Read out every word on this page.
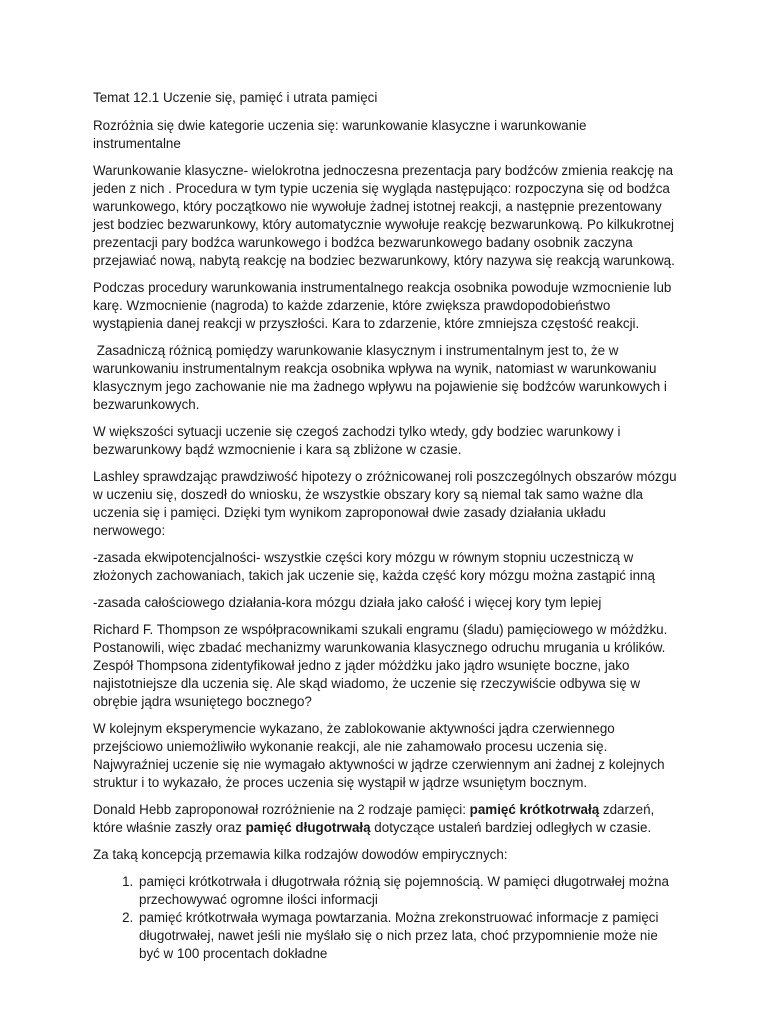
Temat 12.1 Uczenie się, pamięć i utrata pamięci

Rozróżnia się dwie kategorie uczenia się: warunkowanie klasyczne i warunkowanie instrumentalne

Warunkowanie klasyczne- wielokrotna jednoczesna prezentacja pary bodźców zmienia reakcję na jeden z nich . Procedura w tym typie uczenia się wygląda następująco: rozpoczyna się od bodźca warunkowego, który początkowo nie wywołuje żadnej istotnej reakcji, a następnie prezentowany jest bodziec bezwarunkowy, który automatycznie wywołuje reakcję bezwarunkową. Po kilkukrotnej prezentacji pary bodźca warunkowego i bodźca bezwarunkowego badany osobnik zaczyna przejawiać nową, nabytą reakcję na bodziec bezwarunkowy, który nazywa się reakcją warunkową.

Podczas procedury warunkowania instrumentalnego reakcja osobnika powoduje wzmocnienie lub karę. Wzmocnienie (nagroda) to każde zdarzenie, które zwiększa prawdopodobieństwo wystąpienia danej reakcji w przyszłości. Kara to zdarzenie, które zmniejsza częstość reakcji.

Zasadniczą różnicą pomiędzy warunkowanie klasycznym i instrumentalnym jest to, że w warunkowaniu instrumentalnym reakcja osobnika wpływa na wynik, natomiast w warunkowaniu klasycznym jego zachowanie nie ma żadnego wpływu na pojawienie się bodźców warunkowych i bezwarunkowych.

W większości sytuacji uczenie się czegoś zachodzi tylko wtedy, gdy bodziec warunkowy i bezwarunkowy bądź wzmocnienie i kara są zbliżone w czasie.

Lashley sprawdzając prawdziwość hipotezy o zróżnicowanej roli poszczególnych obszarów mózgu w uczeniu się, doszedł do wniosku, że wszystkie obszary kory są niemal tak samo ważne dla uczenia się i pamięci. Dzięki tym wynikom zaproponował dwie zasady działania układu nerwowego:

-zasada ekwipotencjalności- wszystkie części kory mózgu w równym stopniu uczestniczą w złożonych zachowaniach, takich jak uczenie się, każda część kory mózgu można zastąpić inną

-zasada całościowego działania-kora mózgu działa jako całość i więcej kory tym lepiej

Richard F. Thompson ze współpracownikami szukali engramu (śladu) pamięciowego w móżdżku. Postanowili, więc zbadać mechanizmy warunkowania klasycznego odruchu mrugania u królików. Zespół Thompsona zidentyfikował jedno z jąder móżdżku jako jądro wsunięte boczne, jako najistotniejsze dla uczenia się. Ale skąd wiadomo, że uczenie się rzeczywiście odbywa się w obrębie jądra wsuniętego bocznego?

W kolejnym eksperymencie wykazano, że zablokowanie aktywności jądra czerwiennego przejściowo uniemożliwiło wykonanie reakcji, ale nie zahamowało procesu uczenia się. Najwyraźniej uczenie się nie wymagało aktywności w jądrze czerwiennym ani żadnej z kolejnych struktur i to wykazało, że proces uczenia się wystąpił w jądrze wsuniętym bocznym.

Donald Hebb zaproponował rozróżnienie na 2 rodzaje pamięci: pamięć krótkotrwałą zdarzeń, które właśnie zaszły oraz pamięć długotrwałą dotyczące ustaleń bardziej odległych w czasie.

Za taką koncepcją przemawia kilka rodzajów dowodów empirycznych:

1. pamięci krótkotrwała i długotrwała różnią się pojemnością. W pamięci długotrwałej można przechowywać ogromne ilości informacji
2. pamięć krótkotrwała wymaga powtarzania. Można zrekonstruować informacje z pamięci długotrwałej, nawet jeśli nie myślało się o nich przez lata, choć przypomnienie może nie być w 100 procentach dokładne
